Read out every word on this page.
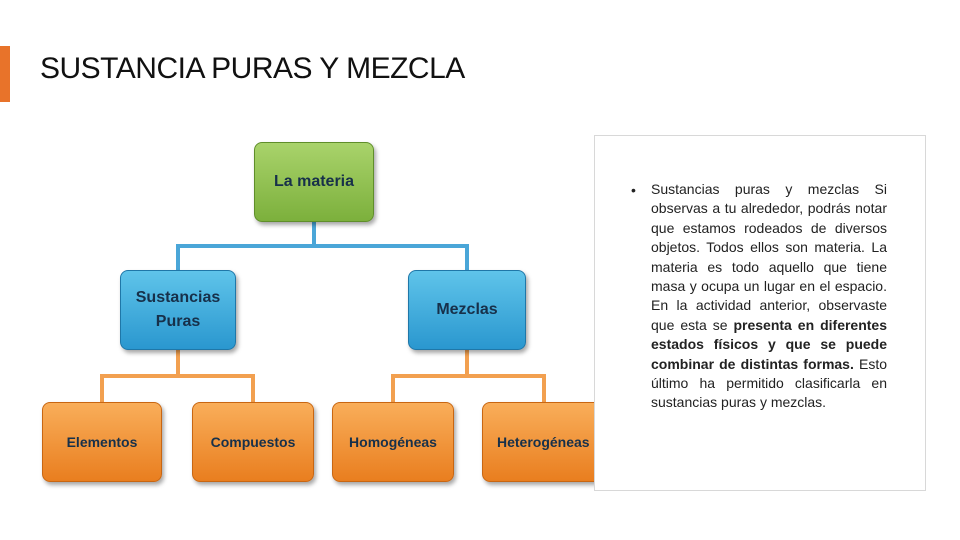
SUSTANCIA PURAS Y MEZCLA
La materia
Sustancias Puras
Mezclas
Elementos	Compuestos	Homogéneas	Heterogéneas
• Sustancias puras y mezclas Si observas a tu alrededor, podrás notar que estamos rodeados de diversos objetos. Todos ellos son materia. La materia es todo aquello que tiene masa y ocupa un lugar en el espacio. En la actividad anterior, observaste que esta se presenta en diferentes estados físicos y que se puede combinar de distintas formas. Esto último ha permitido clasificarla en sustancias puras y mezclas.
